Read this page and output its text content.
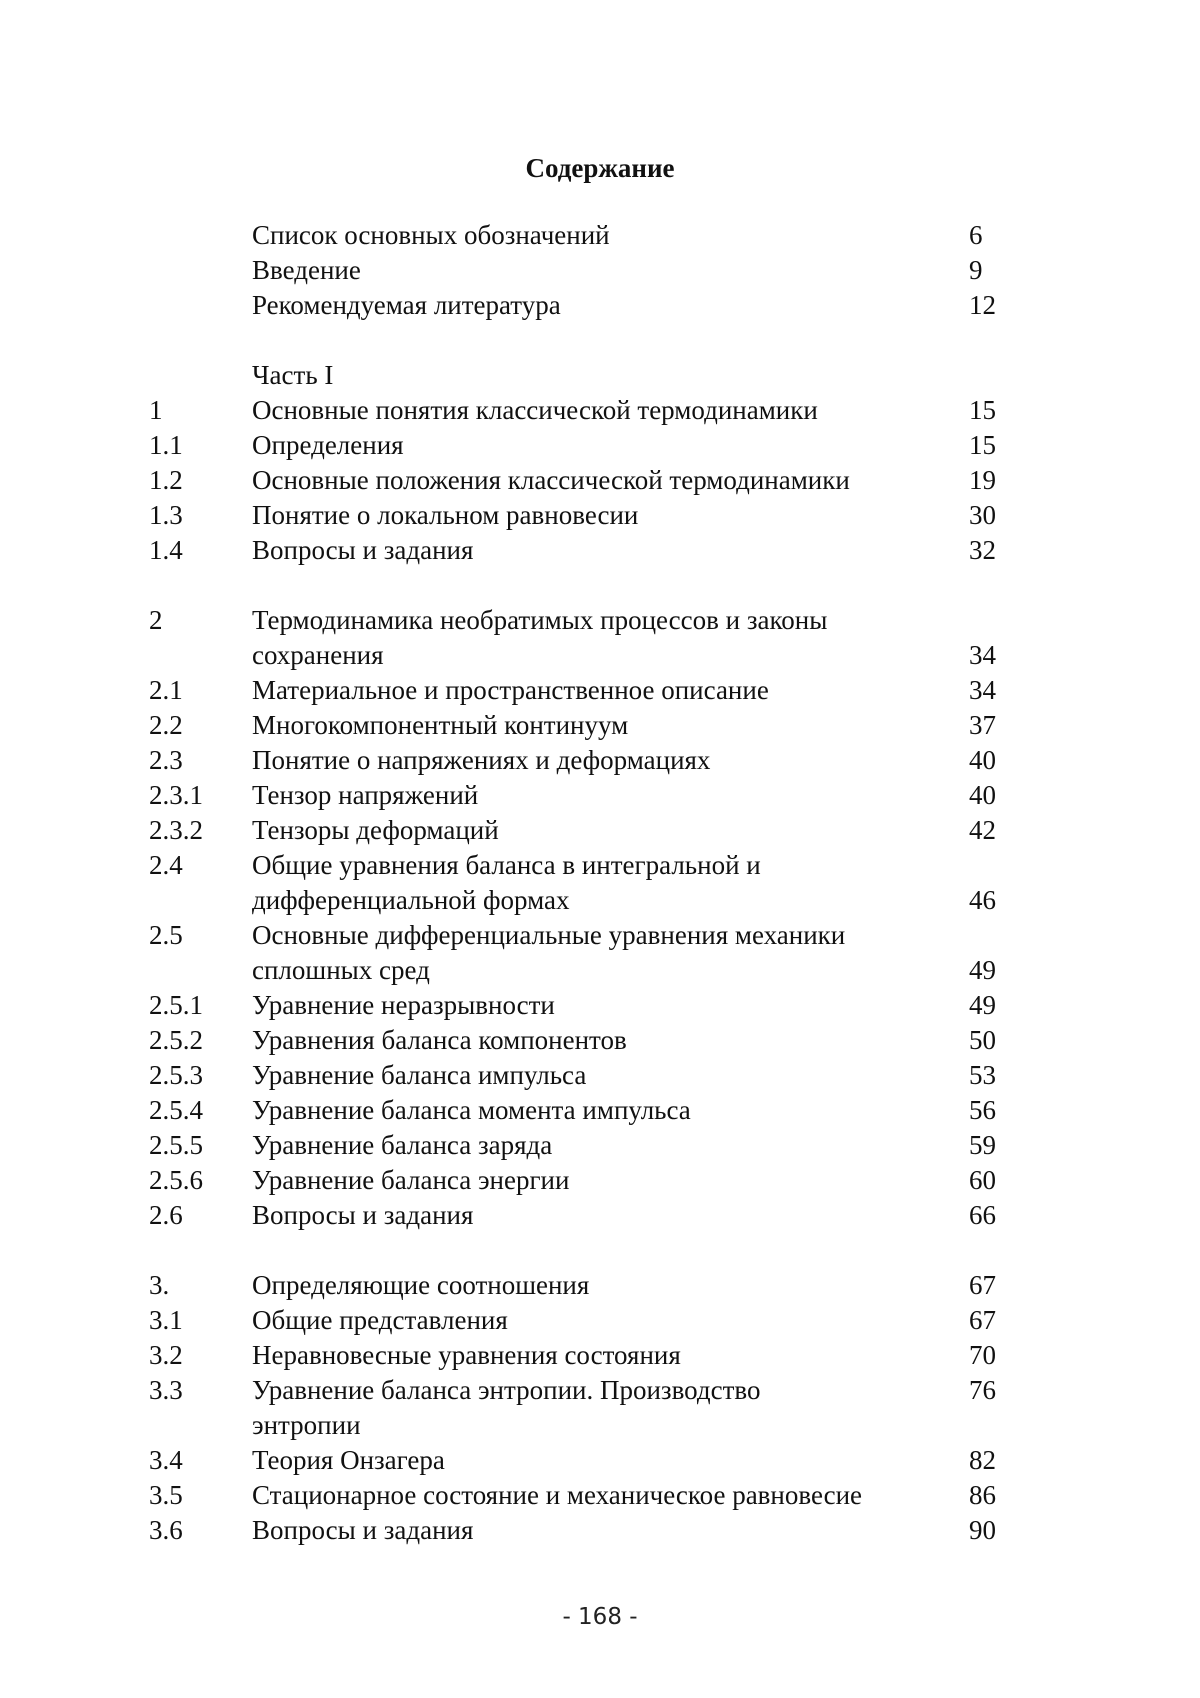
Содержание
Список основных обозначений	6
Введение	9
Рекомендуемая литература	12
Часть I
1	Основные понятия классической термодинамики	15
1.1	Определения	15
1.2	Основные положения классической термодинамики	19
1.3	Понятие о локальном равновесии	30
1.4	Вопросы и задания	32
2	Термодинамика необратимых процессов и законы
сохранения	34
2.1	Материальное и пространственное описание	34
2.2	Многокомпонентный континуум	37
2.3	Понятие о напряжениях и деформациях	40
2.3.1 Тензор напряжений	40
2.3.2 Тензоры деформаций	42
2.4	Общие уравнения баланса в интегральной и
дифференциальной формах	46
2.5	Основные дифференциальные уравнения механики
сплошных сред	49
2.5.1 Уравнение неразрывности	49
2.5.2 Уравнения баланса компонентов	50
2.5.3 Уравнение баланса импульса	53
2.5.4 Уравнение баланса момента импульса	56
2.5.5 Уравнение баланса заряда	59
2.5.6 Уравнение баланса энергии	60
2.6	Вопросы и задания	66
3.	Определяющие соотношения	67
3.1	Общие представления	67
3.2	Неравновесные уравнения состояния	70
3.3	Уравнение баланса энтропии. Производство	76
энтропии
3.4	Теория Онзагера	82
3.5	Стационарное состояние и механическое равновесие	86
3.6	Вопросы и задания	90
- 168 -
